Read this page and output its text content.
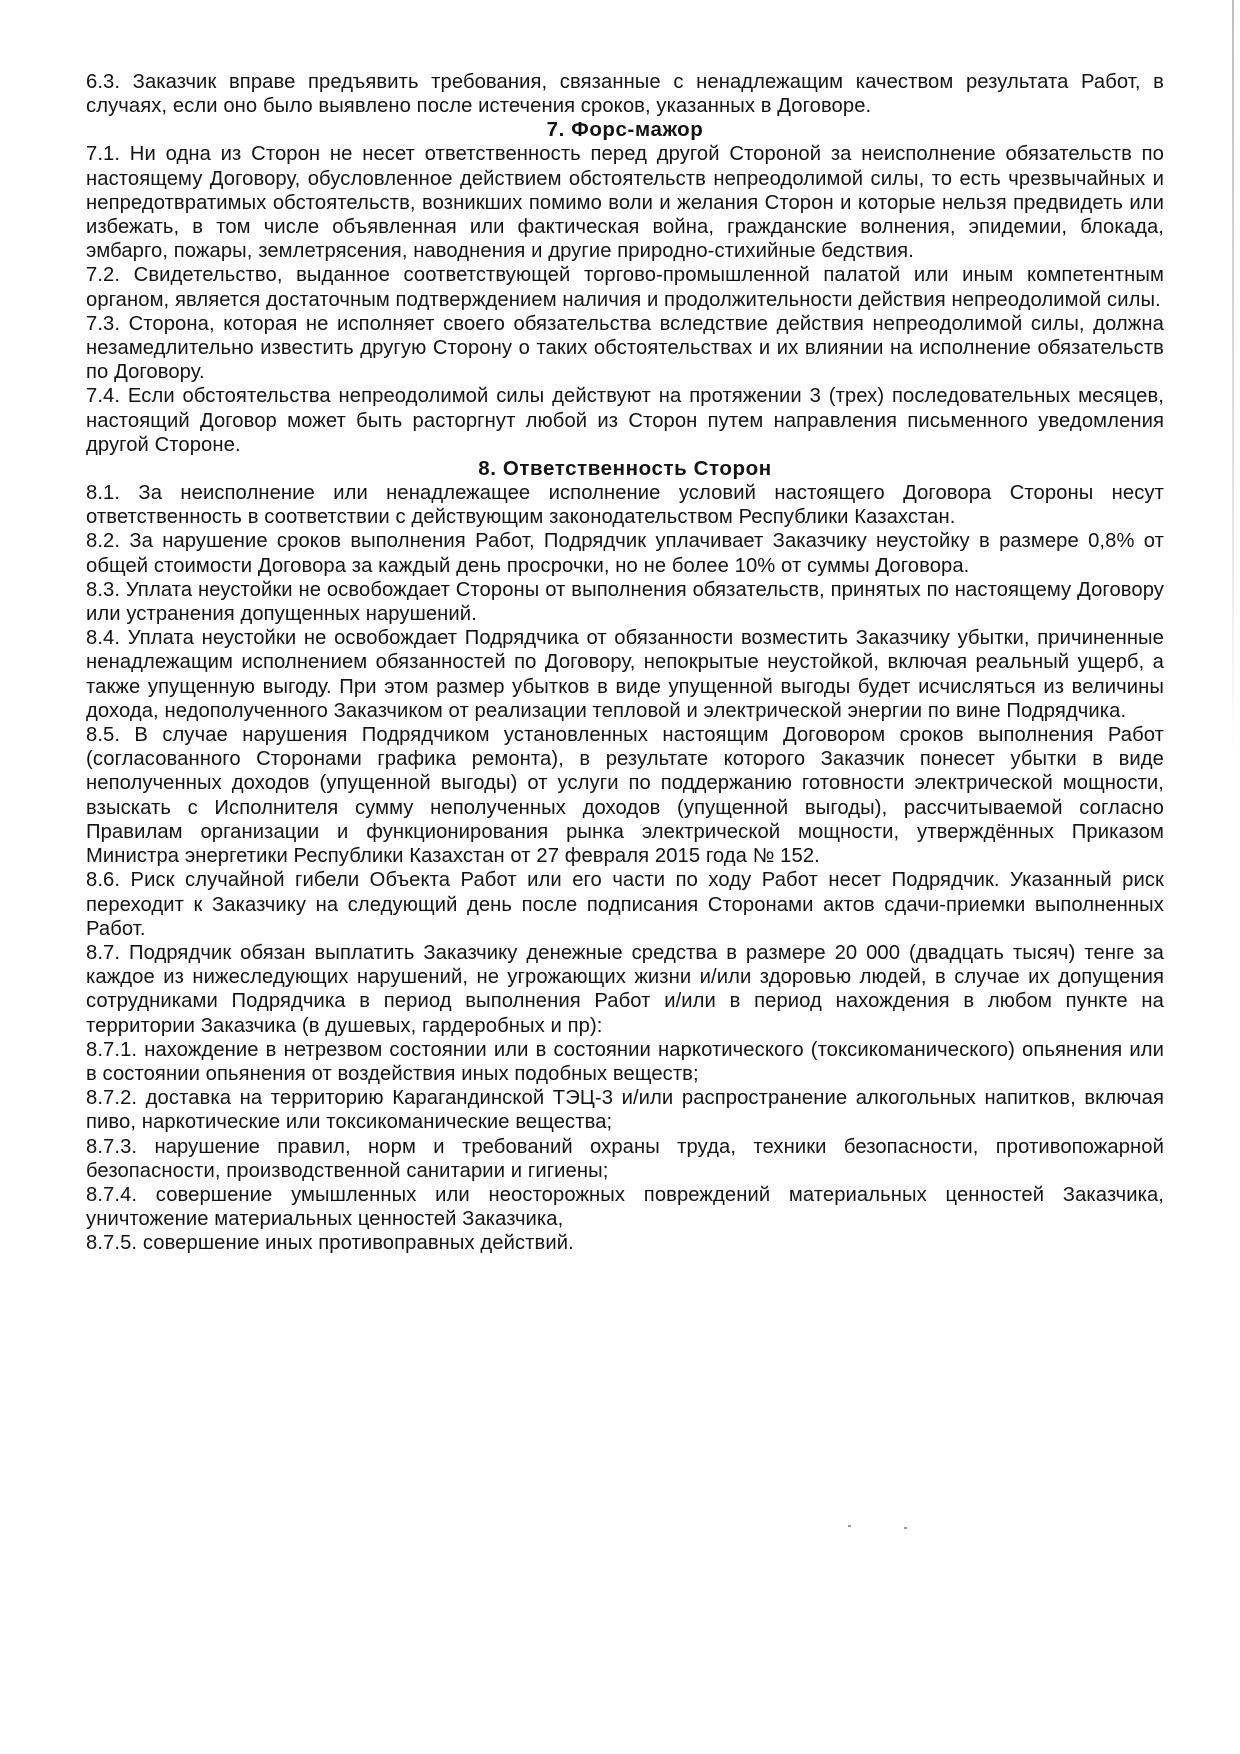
6.3. Заказчик вправе предъявить требования, связанные с ненадлежащим качеством результата Работ, в случаях, если оно было выявлено после истечения сроков, указанных в Договоре.

7. Форс-мажор

7.1. Ни одна из Сторон не несет ответственность перед другой Стороной за неисполнение обязательств по настоящему Договору, обусловленное действием обстоятельств непреодолимой силы, то есть чрезвычайных и непредотвратимых обстоятельств, возникших помимо воли и желания Сторон и которые нельзя предвидеть или избежать, в том числе объявленная или фактическая война, гражданские волнения, эпидемии, блокада, эмбарго, пожары, землетрясения, наводнения и другие природно-стихийные бедствия.

7.2. Свидетельство, выданное соответствующей торгово-промышленной палатой или иным компетентным органом, является достаточным подтверждением наличия и продолжительности действия непреодолимой силы.

7.3. Сторона, которая не исполняет своего обязательства вследствие действия непреодолимой силы, должна незамедлительно известить другую Сторону о таких обстоятельствах и их влиянии на исполнение обязательств по Договору.

7.4. Если обстоятельства непреодолимой силы действуют на протяжении 3 (трех) последовательных месяцев, настоящий Договор может быть расторгнут любой из Сторон путем направления письменного уведомления другой Стороне.

8. Ответственность Сторон

8.1. За неисполнение или ненадлежащее исполнение условий настоящего Договора Стороны несут ответственность в соответствии с действующим законодательством Республики Казахстан.

8.2. За нарушение сроков выполнения Работ, Подрядчик уплачивает Заказчику неустойку в размере 0,8% от общей стоимости Договора за каждый день просрочки, но не более 10% от суммы Договора.

8.3. Уплата неустойки не освобождает Стороны от выполнения обязательств, принятых по настоящему Договору или устранения допущенных нарушений.

8.4. Уплата неустойки не освобождает Подрядчика от обязанности возместить Заказчику убытки, причиненные ненадлежащим исполнением обязанностей по Договору, непокрытые неустойкой, включая реальный ущерб, а также упущенную выгоду. При этом размер убытков в виде упущенной выгоды будет исчисляться из величины дохода, недополученного Заказчиком от реализации тепловой и электрической энергии по вине Подрядчика.

8.5. В случае нарушения Подрядчиком установленных настоящим Договором сроков выполнения Работ (согласованного Сторонами графика ремонта), в результате которого Заказчик понесет убытки в виде неполученных доходов (упущенной выгоды) от услуги по поддержанию готовности электрической мощности, взыскать с Исполнителя сумму неполученных доходов (упущенной выгоды), рассчитываемой согласно Правилам организации и функционирования рынка электрической мощности, утверждённых Приказом Министра энергетики Республики Казахстан от 27 февраля 2015 года № 152.

8.6. Риск случайной гибели Объекта Работ или его части по ходу Работ несет Подрядчик. Указанный риск переходит к Заказчику на следующий день после подписания Сторонами актов сдачи-приемки выполненных Работ.

8.7. Подрядчик обязан выплатить Заказчику денежные средства в размере 20 000 (двадцать тысяч) тенге за каждое из нижеследующих нарушений, не угрожающих жизни и/или здоровью людей, в случае их допущения сотрудниками Подрядчика в период выполнения Работ и/или в период нахождения в любом пункте на территории Заказчика (в душевых, гардеробных и пр):

8.7.1. нахождение в нетрезвом состоянии или в состоянии наркотического (токсикоманического) опьянения или в состоянии опьянения от воздействия иных подобных веществ;

8.7.2. доставка на территорию Карагандинской ТЭЦ-3 и/или распространение алкогольных напитков, включая пиво, наркотические или токсикоманические вещества;

8.7.3. нарушение правил, норм и требований охраны труда, техники безопасности, противопожарной безопасности, производственной санитарии и гигиены;

8.7.4. совершение умышленных или неосторожных повреждений материальных ценностей Заказчика, уничтожение материальных ценностей Заказчика,

8.7.5. совершение иных противоправных действий.
